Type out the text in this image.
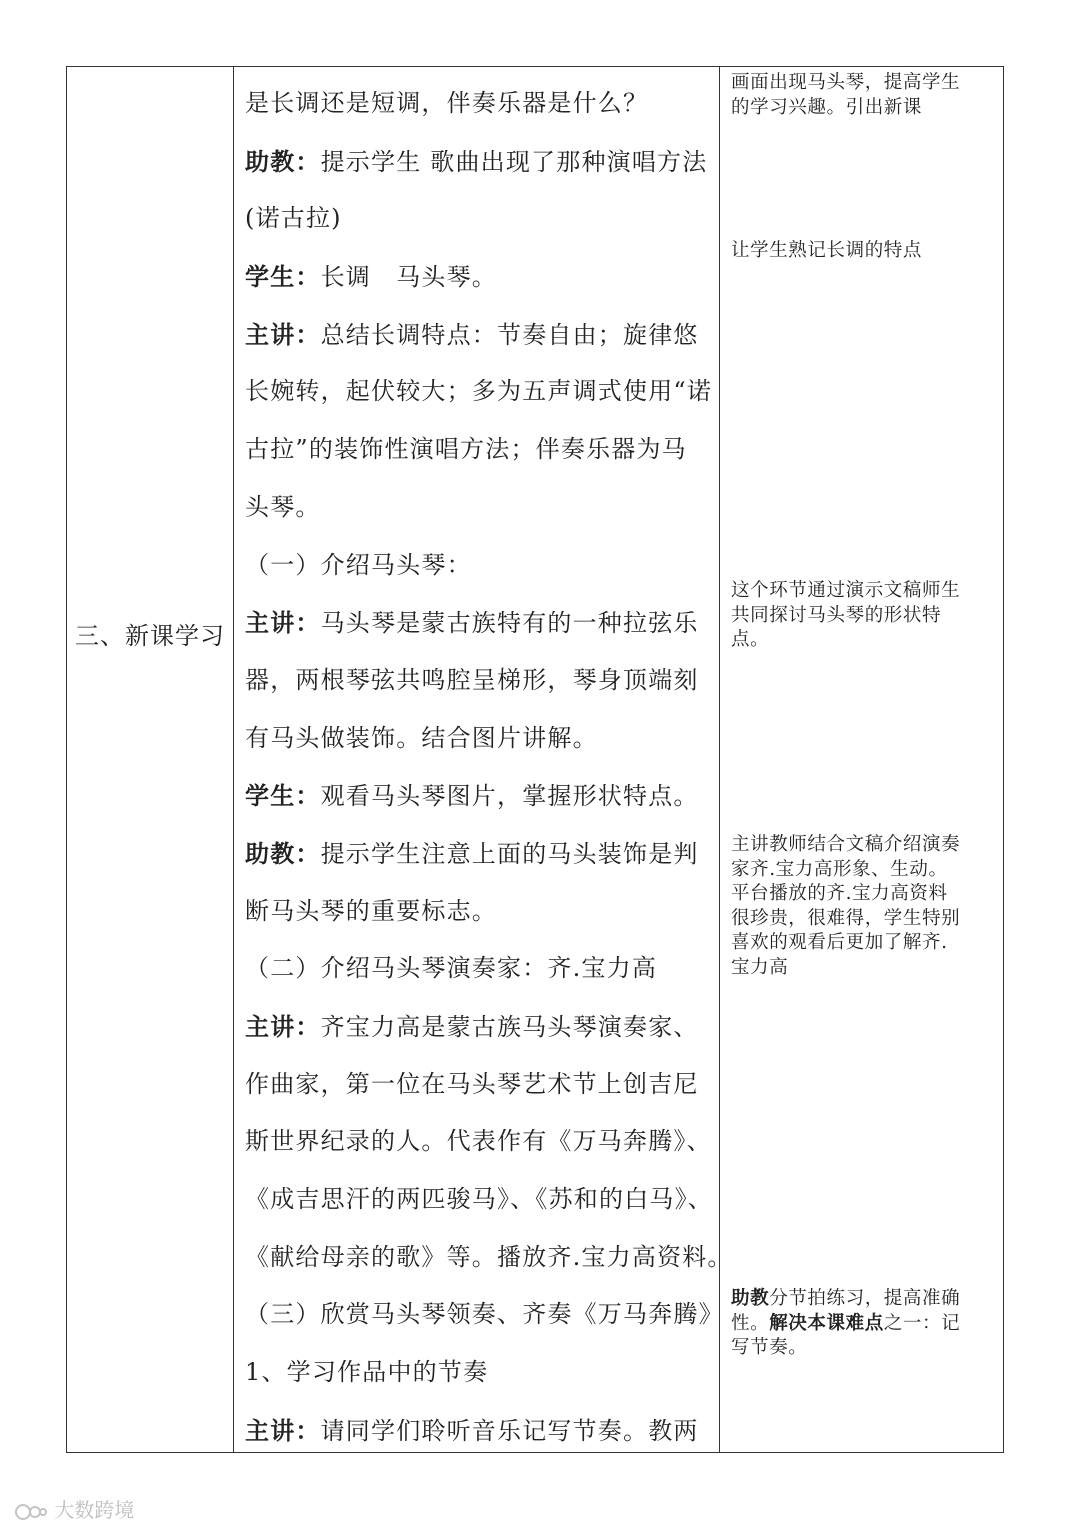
三、新课学习
是长调还是短调，伴奏乐器是什么？
助教：提示学生 歌曲出现了那种演唱方法
(诺古拉)
学生：长调　马头琴。
主讲：总结长调特点：节奏自由；旋律悠
长婉转，起伏较大；多为五声调式使用“诺
古拉”的装饰性演唱方法；伴奏乐器为马
头琴。
（一）介绍马头琴：
主讲：马头琴是蒙古族特有的一种拉弦乐
器，两根琴弦共鸣腔呈梯形，琴身顶端刻
有马头做装饰。结合图片讲解。
学生：观看马头琴图片，掌握形状特点。
助教：提示学生注意上面的马头装饰是判
断马头琴的重要标志。
（二）介绍马头琴演奏家：齐.宝力高
主讲：齐宝力高是蒙古族马头琴演奏家、
作曲家，第一位在马头琴艺术节上创吉尼
斯世界纪录的人。代表作有《万马奔腾》、
《成吉思汗的两匹骏马》、《苏和的白马》、
《献给母亲的歌》等。播放齐.宝力高资料。
（三）欣赏马头琴领奏、齐奏《万马奔腾》
1、学习作品中的节奏
主讲：请同学们聆听音乐记写节奏。教两
画面出现马头琴，提高学生
的学习兴趣。引出新课
让学生熟记长调的特点
这个环节通过演示文稿师生
共同探讨马头琴的形状特
点。
主讲教师结合文稿介绍演奏
家齐.宝力高形象、生动。
平台播放的齐.宝力高资料
很珍贵，很难得，学生特别
喜欢的观看后更加了解齐.
宝力高
助教分节拍练习，提高准确
性。解决本课难点之一：记
写节奏。
大数跨境
